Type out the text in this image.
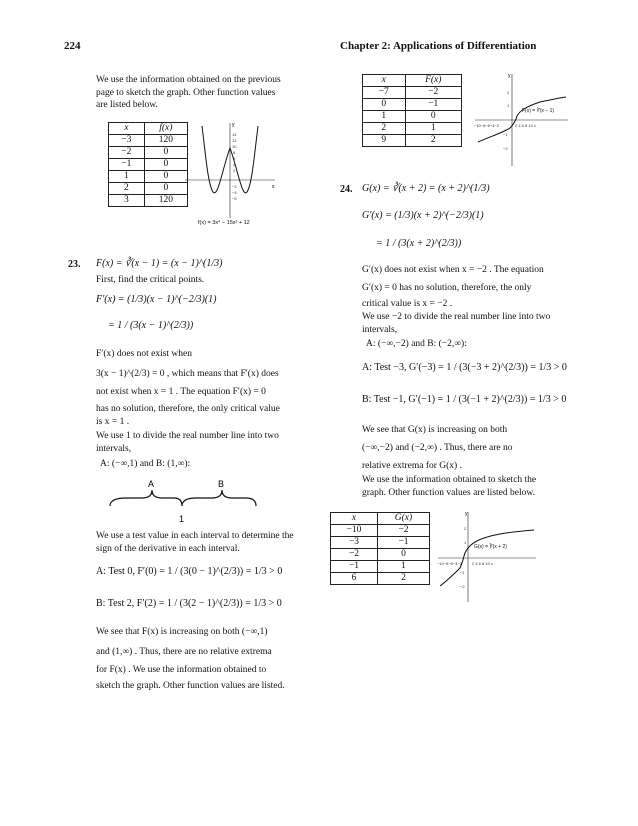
224	Chapter 2: Applications of Differentiation
We use the information obtained on the previous page to sketch the graph. Other function values are listed below.
x	f(x)
−3	120
−2	0
−1	0
1	0
2	0
3	120
x
y
14
12
10
8
6
4
2
−2
−4
−6
f(x) = 3x⁴ − 15x² + 12
23. F(x) = ∛(x − 1) = (x − 1)^(1/3)
First, find the critical points.
F′(x) = (1/3)(x − 1)^(−2/3)(1)
= 1 / (3(x − 1)^(2/3))
F′(x) does not exist when
3(x − 1)^(2/3) = 0 , which means that F′(x) does
not exist when x = 1 . The equation F′(x) = 0
has no solution, therefore, the only critical value
is x = 1 .
We use 1 to divide the real number line into two intervals,
A: (−∞,1) and B: (1,∞):
A	B
1
We use a test value in each interval to determine the sign of the derivative in each interval.
A: Test 0, F′(0) = 1 / (3(0 − 1)^(2/3)) = 1/3 > 0
B: Test 2, F′(2) = 1 / (3(2 − 1)^(2/3)) = 1/3 > 0
We see that F(x) is increasing on both (−∞,1)
and (1,∞) . Thus, there are no relative extrema
for F(x) . We use the information obtained to
sketch the graph. Other function values are listed.
x	F(x)
−7	−2
0	−1
1	0
2	1
9	2
y
2
1
−1
−2
−10−8−6−4−2	2 4 6 8 10 x
F(x) = ∛(x − 1)
24. G(x) = ∛(x + 2) = (x + 2)^(1/3)
G′(x) = (1/3)(x + 2)^(−2/3)(1)
= 1 / (3(x + 2)^(2/3))
G′(x) does not exist when x = −2 . The equation
G′(x) = 0 has no solution, therefore, the only
critical value is x = −2 .
We use −2 to divide the real number line into two intervals,
A: (−∞,−2) and B: (−2,∞):
A: Test −3, G′(−3) = 1 / (3(−3 + 2)^(2/3)) = 1/3 > 0
B: Test −1, G′(−1) = 1 / (3(−1 + 2)^(2/3)) = 1/3 > 0
We see that G(x) is increasing on both
(−∞,−2) and (−2,∞) . Thus, there are no
relative extrema for G(x) .
We use the information obtained to sketch the graph. Other function values are listed below.
x	G(x)
−10	−2
−3	−1
−2	0
−1	1
6	2
y
2
1
−1
−2
−10−8−6−4−2 2 4 6 8 10 x
G(x) = ∛(x + 2)
